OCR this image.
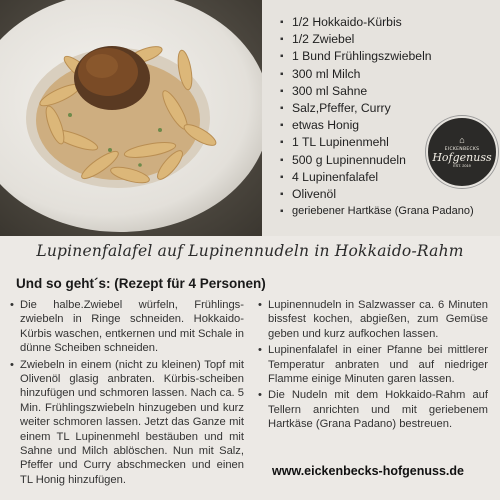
▪ 1/2 Hokkaido-Kürbis
▪ 1/2 Zwiebel
▪ 1 Bund Frühlingszwiebeln
▪ 300 ml Milch
▪ 300 ml Sahne
▪ Salz,Pfeffer, Curry
▪ etwas Honig
▪ 1 TL Lupinenmehl
▪ 500 g Lupinennudeln
▪ 4 Lupinenfalafel
▪ Olivenöl
▪ geriebener Hartkäse (Grana Padano)
⌂
EICKENBECKS
Hofgenuss
EST. 2019
Lupinenfalafel auf Lupinennudeln in Hokkaido-Rahm
Und so geht´s: (Rezept für 4 Personen)
• Die halbe.Zwiebel würfeln, Frühlings-zwiebeln in Ringe schneiden. Hokkaido-Kürbis waschen, entkernen und mit Schale in dünne Scheiben schneiden.
• Zwiebeln in einem (nicht zu kleinen) Topf mit Olivenöl glasig anbraten. Kürbis-scheiben hinzufügen und schmoren lassen. Nach ca. 5 Min. Frühlingszwiebeln hinzugeben und kurz weiter schmoren lassen. Jetzt das Ganze mit einem TL Lupinenmehl bestäuben und mit Sahne und Milch ablöschen. Nun mit Salz, Pfeffer und Curry abschmecken und einen TL Honig hinzufügen.
• Lupinennudeln in Salzwasser ca. 6 Minuten bissfest kochen, abgießen, zum Gemüse geben und kurz aufkochen lassen.
• Lupinenfalafel in einer Pfanne bei mittlerer Temperatur anbraten und auf niedriger Flamme einige Minuten garen lassen.
• Die Nudeln mit dem Hokkaido-Rahm auf Tellern anrichten und mit geriebenem Hartkäse (Grana Padano) bestreuen.
www.eickenbecks-hofgenuss.de
